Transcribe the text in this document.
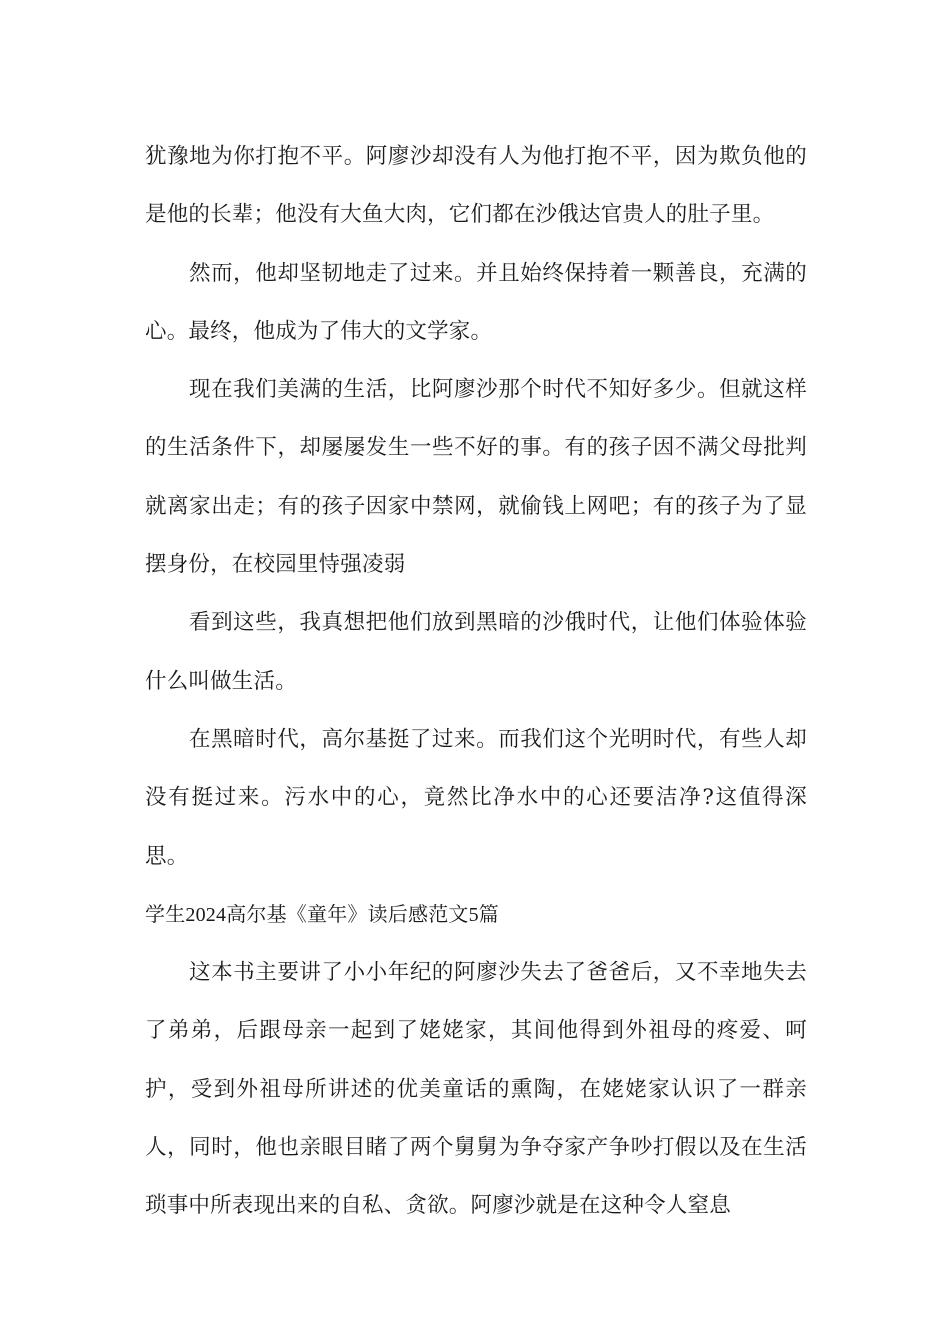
犹豫地为你打抱不平。阿廖沙却没有人为他打抱不平，因为欺负他的是他的长辈；他没有大鱼大肉，它们都在沙俄达官贵人的肚子里。

然而，他却坚韧地走了过来。并且始终保持着一颗善良，充满的心。最终，他成为了伟大的文学家。

现在我们美满的生活，比阿廖沙那个时代不知好多少。但就这样的生活条件下，却屡屡发生一些不好的事。有的孩子因不满父母批判就离家出走；有的孩子因家中禁网，就偷钱上网吧；有的孩子为了显摆身份，在校园里恃强凌弱

看到这些，我真想把他们放到黑暗的沙俄时代，让他们体验体验什么叫做生活。

在黑暗时代，高尔基挺了过来。而我们这个光明时代，有些人却没有挺过来。污水中的心，竟然比净水中的心还要洁净?这值得深思。

学生2024高尔基《童年》读后感范文5篇

这本书主要讲了小小年纪的阿廖沙失去了爸爸后，又不幸地失去了弟弟，后跟母亲一起到了姥姥家，其间他得到外祖母的疼爱、呵护，受到外祖母所讲述的优美童话的熏陶，在姥姥家认识了一群亲人，同时，他也亲眼目睹了两个舅舅为争夺家产争吵打假以及在生活琐事中所表现出来的自私、贪欲。阿廖沙就是在这种令人窒息
